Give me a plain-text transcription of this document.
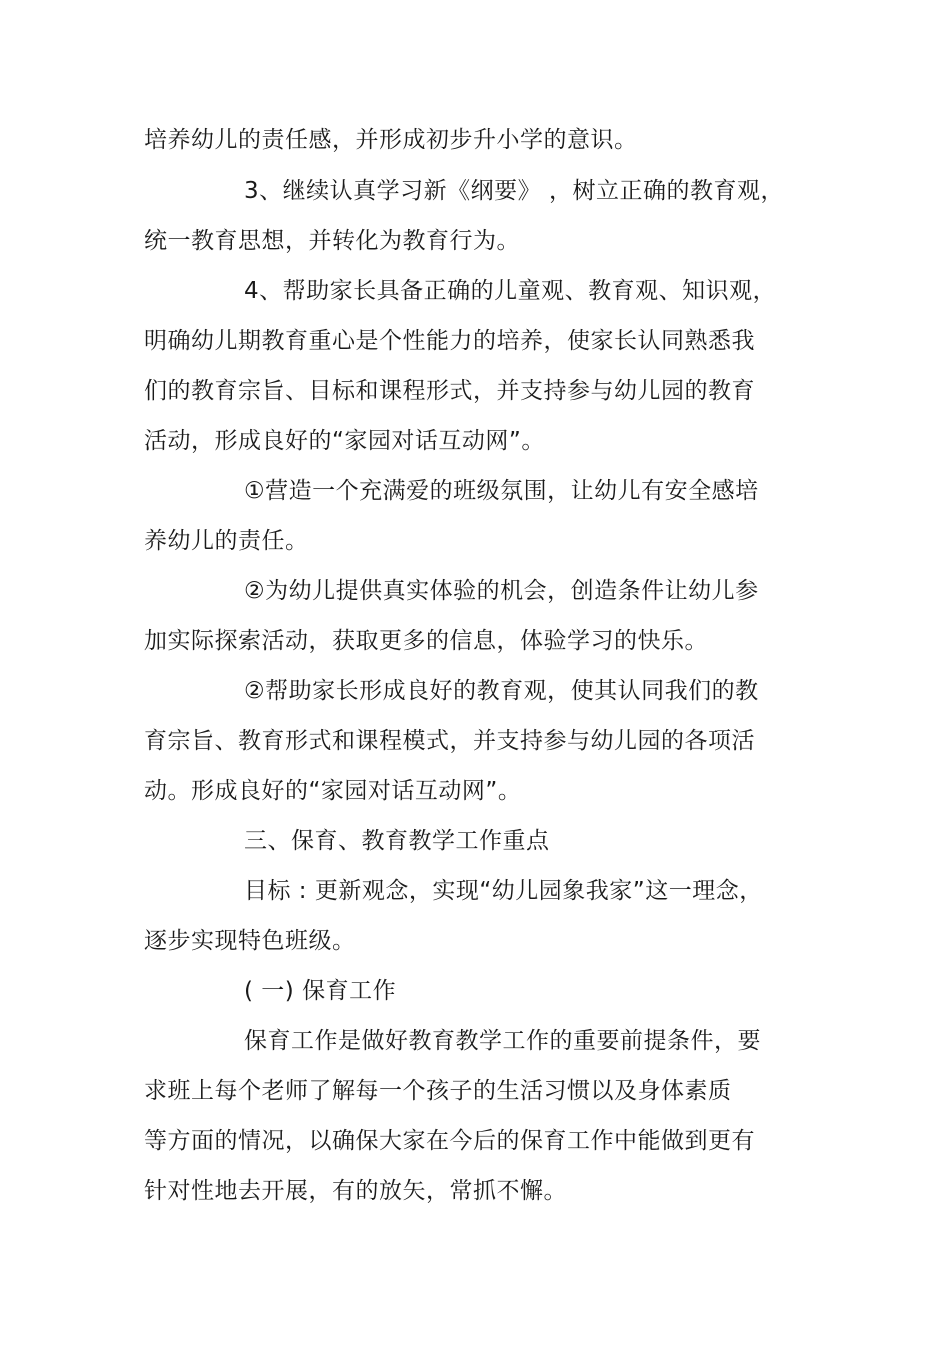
培养幼儿的责任感，并形成初步升小学的意识。
3、继续认真学习新《纲要》 ，树立正确的教育观，
统一教育思想，并转化为教育行为。
4、帮助家长具备正确的儿童观、教育观、知识观，
明确幼儿期教育重心是个性能力的培养，使家长认同熟悉我
们的教育宗旨、目标和课程形式，并支持参与幼儿园的教育
活动，形成良好的“家园对话互动网”。
①营造一个充满爱的班级氛围，让幼儿有安全感培
养幼儿的责任。
②为幼儿提供真实体验的机会，创造条件让幼儿参
加实际探索活动，获取更多的信息，体验学习的快乐。
②帮助家长形成良好的教育观，使其认同我们的教
育宗旨、教育形式和课程模式，并支持参与幼儿园的各项活
动。形成良好的“家园对话互动网”。
三、保育、教育教学工作重点
目标 : 更新观念，实现“幼儿园象我家”这一理念，
逐步实现特色班级。
( 一) 保育工作
保育工作是做好教育教学工作的重要前提条件，要
求班上每个老师了解每一个孩子的生活习惯以及身体素质
等方面的情况，以确保大家在今后的保育工作中能做到更有
针对性地去开展，有的放矢，常抓不懈。
